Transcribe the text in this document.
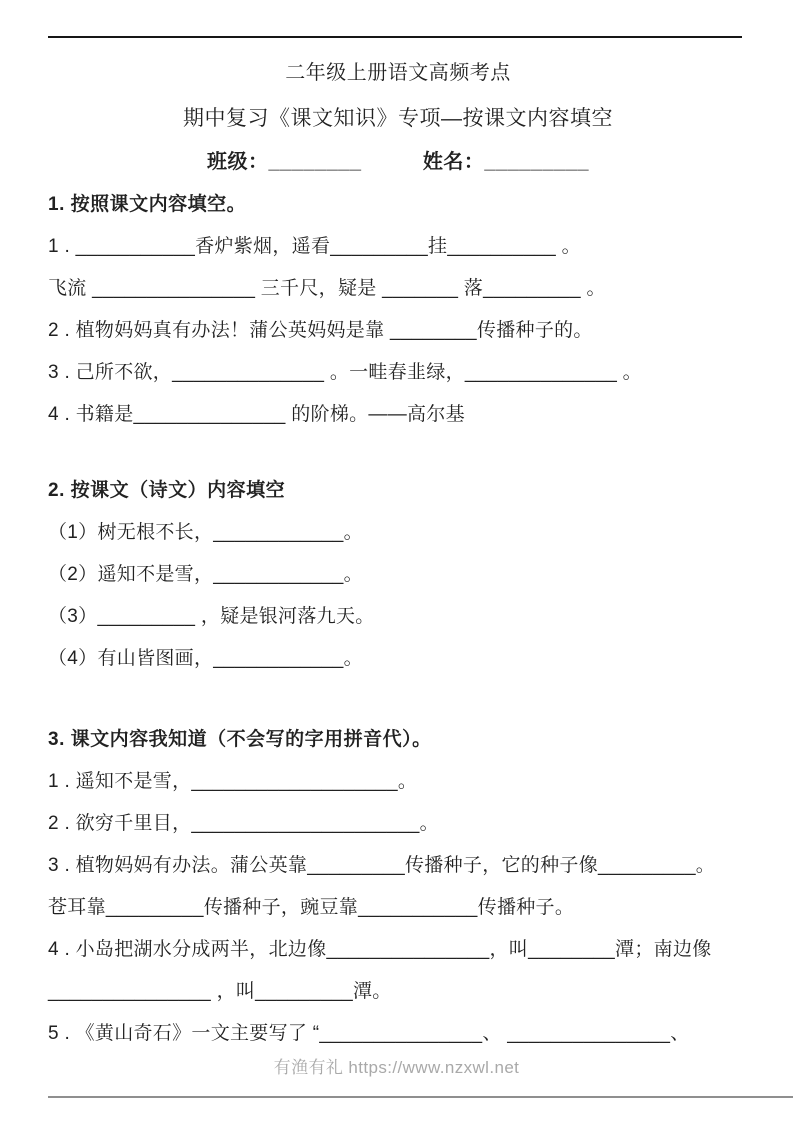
二年级上册语文高频考点
期中复习《课文知识》专项—按课文内容填空
班级：________　　　姓名：_________
1. 按照课文内容填空。
1 . ___________香炉紫烟，遥看_________挂__________ 。
飞流 _______________ 三千尺，疑是 _______ 落_________ 。
2 . 植物妈妈真有办法！蒲公英妈妈是靠 ________传播种子的。
3 . 己所不欲，______________ 。一畦春韭绿，______________ 。
4 . 书籍是______________ 的阶梯。——高尔基
2. 按课文（诗文）内容填空
（1）树无根不长，____________。
（2）遥知不是雪，____________。
（3）_________ ，疑是银河落九天。
（4）有山皆图画，____________。
3. 课文内容我知道（不会写的字用拼音代）。
1 . 遥知不是雪，___________________。
2 . 欲穷千里目，_____________________。
3 . 植物妈妈有办法。蒲公英靠_________传播种子，它的种子像_________。
苍耳靠_________传播种子，豌豆靠___________传播种子。
4 . 小岛把湖水分成两半，北边像_______________，叫________潭；南边像
_______________ ，叫_________潭。
5 . 《黄山奇石》一文主要写了 “_______________、 _______________、
有渔有礼 https://www.nzxwl.net
